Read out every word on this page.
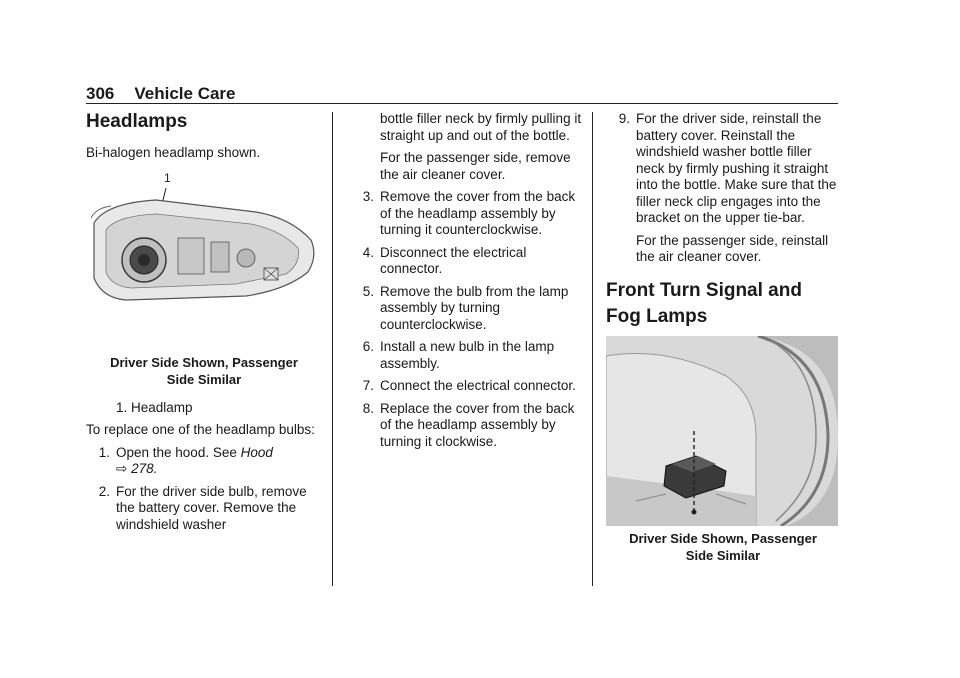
306 Vehicle Care
Headlamps

Bi-halogen headlamp shown.

1
Driver Side Shown, Passenger
Side Similar

1. Headlamp

To replace one of the headlamp bulbs:

1. Open the hood. See Hood
⇨ 278.
2. For the driver side bulb, remove the battery cover. Remove the windshield washer

bottle filler neck by firmly pulling it straight up and out of the bottle.

For the passenger side, remove the air cleaner cover.

3. Remove the cover from the back of the headlamp assembly by turning it counterclockwise.
4. Disconnect the electrical connector.
5. Remove the bulb from the lamp assembly by turning counterclockwise.
6. Install a new bulb in the lamp assembly.
7. Connect the electrical connector.
8. Replace the cover from the back of the headlamp assembly by turning it clockwise.
9. For the driver side, reinstall the battery cover. Reinstall the windshield washer bottle filler neck by firmly pushing it straight into the bottle. Make sure that the filler neck clip engages into the bracket on the upper tie-bar.
For the passenger side, reinstall the air cleaner cover.
Front Turn Signal and
Fog Lamps
Driver Side Shown, Passenger
Side Similar
